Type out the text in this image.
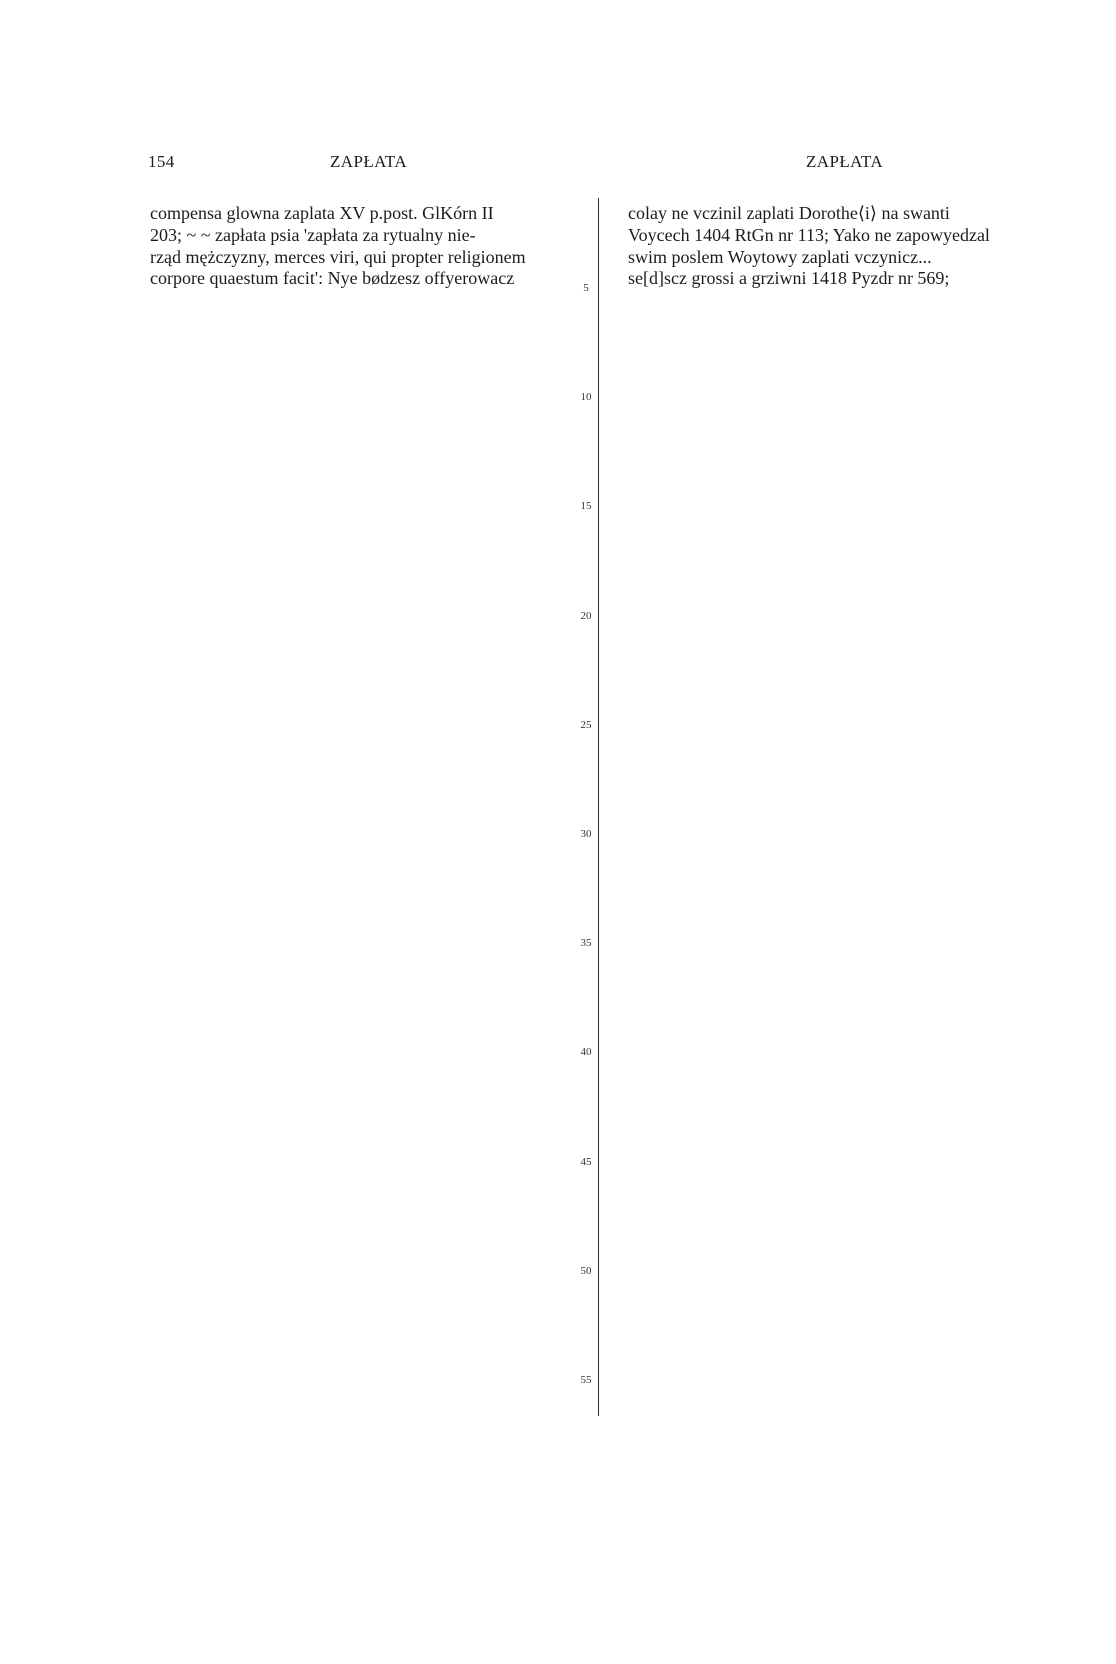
154	ZAPŁATA	ZAPŁATA

compensa glowna zaplata XV p.post. GlKórn II

203; ~ ~ zapłata psia 'zapłata za rytualny nie-

rząd mężczyzny, merces viri, qui propter religionem

corpore quaestum facit': Nye bødzesz offyerowacz	5
10
15
20
25
30
35
40
45
50
55

colay ne vczinil zaplati Dorothe⟨i⟩ na swanti

Voycech 1404 RtGn nr 113; Yako ne zapowyedzal

swim poslem Woytowy zaplati vczynicz...

se[d]scz grossi a grziwni 1418 Pyzdr nr 569;
